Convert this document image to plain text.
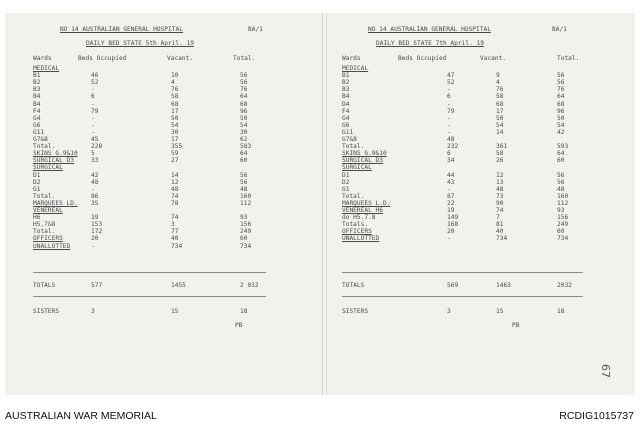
NO 14 AUSTRALIAN GENERAL HOSPITAL	BA/1
DAILY BED STATE 5th April. 19
Wards	Beds Occupied	Vacant.	Total.
MEDICAL
B1	46	10	56
B2	52	4	56
B3	-	76	76
B4	6	58	64
B4	-	68	68
F4	79	17	96
G4	-	50	50
G6	-	54	54
G11	-	30	30
G7&8	45	17	62
Total.	228	355	583
SKINS G.9&10 5	59	64
SURGICAL D3	33	27	60
SURGICAL
D1	42	14	56
D2	48	12	56
G1	-	48	48
Total.	86	74	160
MARQUEES LD. 35	78	112
VENEREAL
H6	19	74	93
H5,7&8	153	3	156
Total.	172	77	249
OFFICERS	20	40	60
UNALLOTTED	-	734	734
TOTALS	577	1455	2 032
SISTERS	3	15	18
PB
NO 14 AUSTRALIAN GENERAL HOSPITAL	BA/1
DAILY BED STATE 7th April. 19
Wards	Beds Occupied	Vacant.	Total.
MEDICAL
B1	47	9	56
B2	52	4	56
B3	-	76	76
B4	6	58	64
D4	-	68	68
F4	79	17	96
G4	-	50	50
G6	-	54	54
G11	-	14	42
G7&8	48
Total.	232	361	593
SKINS G.9&10	6	58	64
SURGICAL D3	34	26	60
SURGICAL
D1	44	12	56
D2	43	13	56
G1	-	48	48
Total.	87	73	160
MARQUEES L.D.	22	90	112
VENEREAL H6	19	74	93
do H5.7.8	149	7	156
Totals.	168	81	249
OFFICERS	20	40	60
UNALLOTTED	-	734	734
TOTALS	569	1463	2032
SISTERS	3	15	18
PB
67
AUSTRALIAN WAR MEMORIAL	RCDIG1015737
